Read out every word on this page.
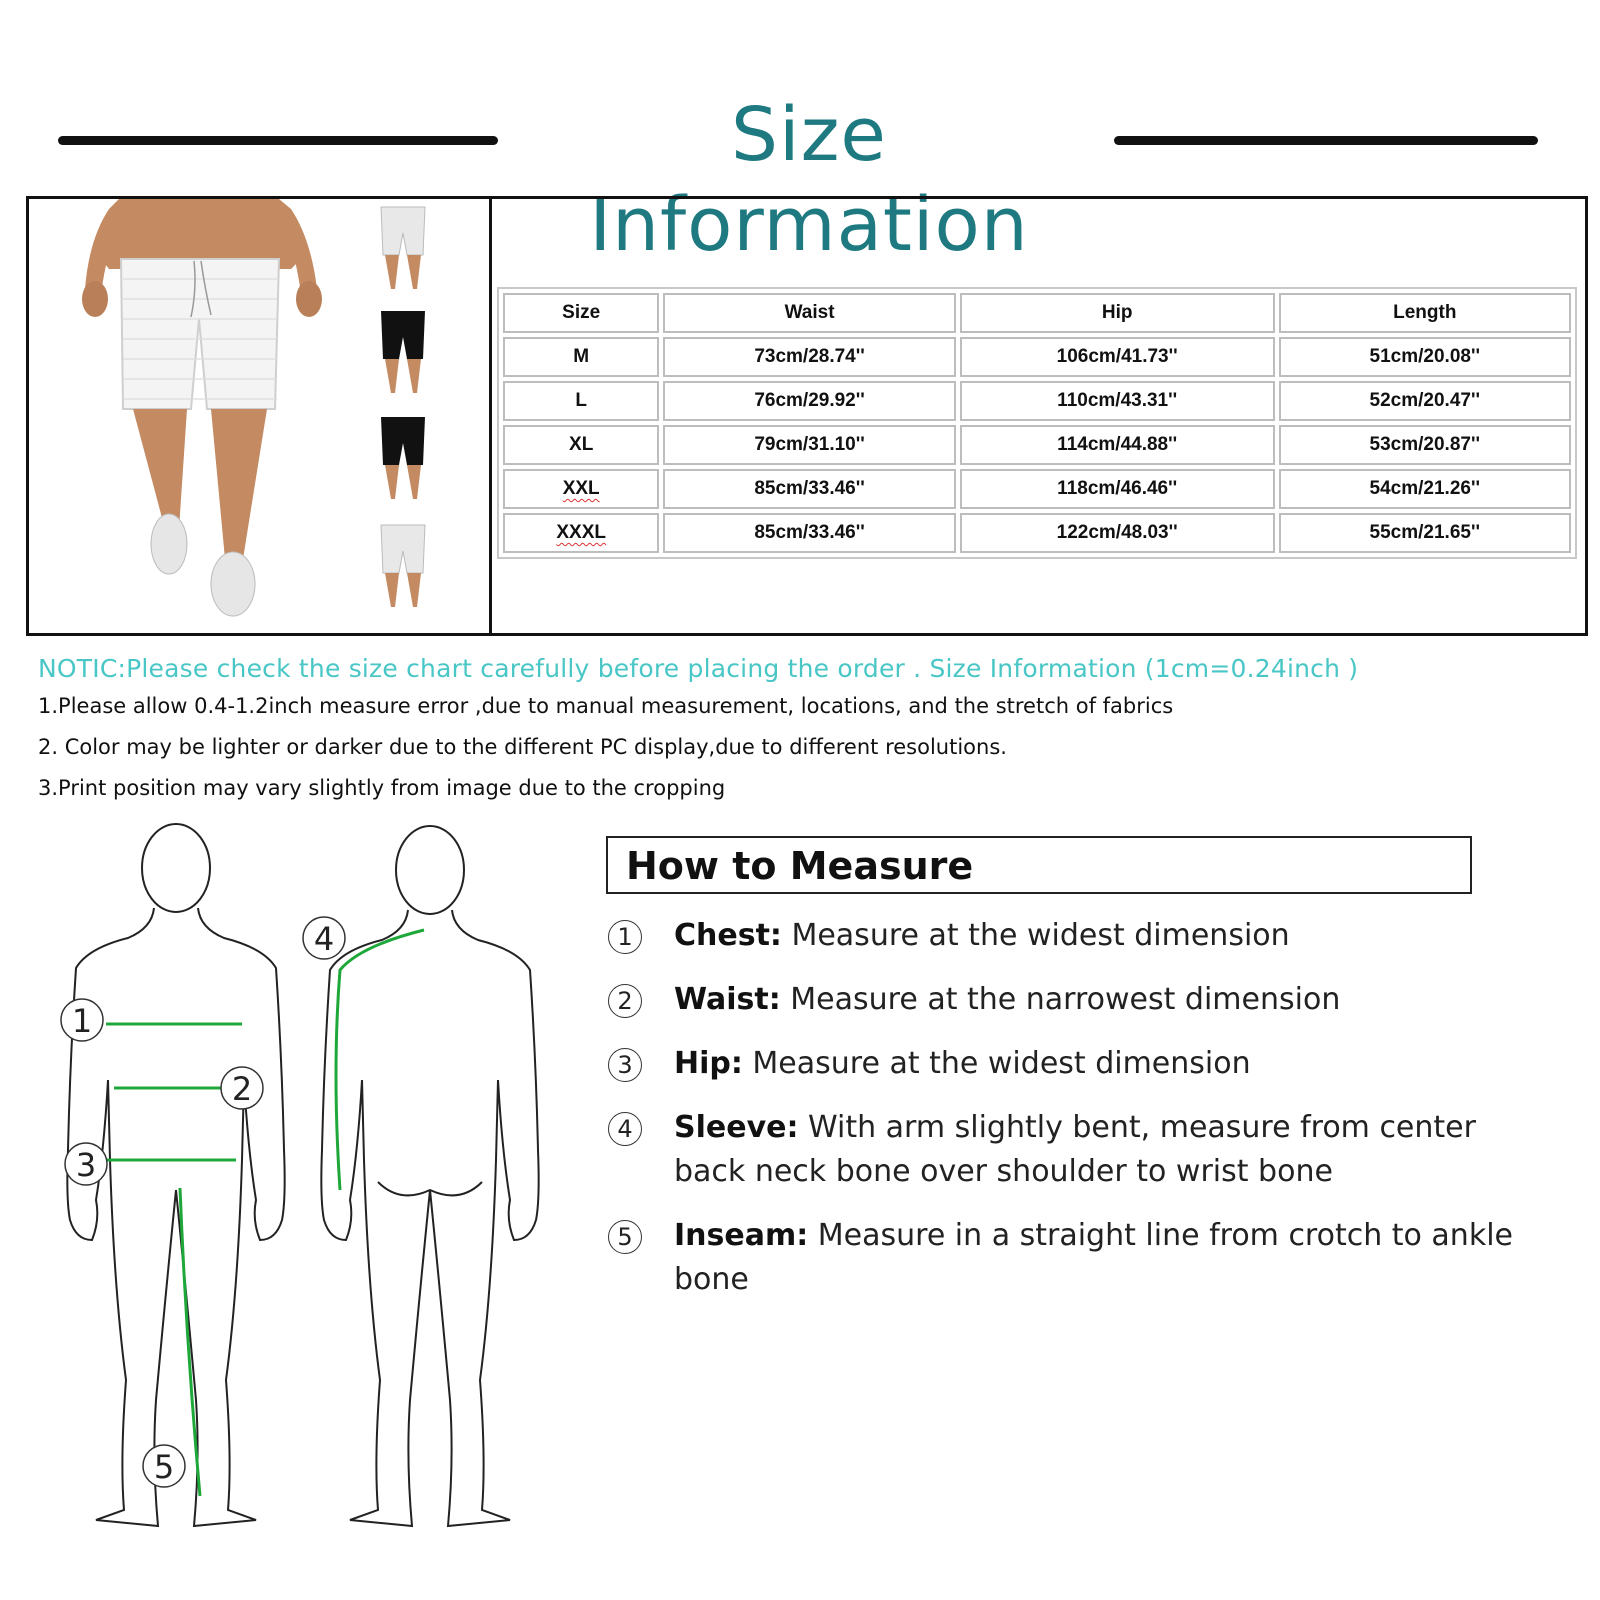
Size Information
Size	Waist	Hip	Length
M	73cm/28.74''	106cm/41.73''	51cm/20.08''
L	76cm/29.92''	110cm/43.31''	52cm/20.47''
XL	79cm/31.10''	114cm/44.88''	53cm/20.87''
XXL	85cm/33.46''	118cm/46.46''	54cm/21.26''
XXXL	85cm/33.46''	122cm/48.03''	55cm/21.65''
NOTIC:Please check the size chart carefully before placing the order . Size Information (1cm=0.24inch )
1.Please allow 0.4-1.2inch measure error ,due to manual measurement, locations, and the stretch of fabrics
2. Color may be lighter or darker due to the different PC display,due to different resolutions.
3.Print position may vary slightly from image due to the cropping
1
2
3
4
5
How to Measure
1	Chest: Measure at the widest dimension
2	Waist: Measure at the narrowest dimension
3	Hip: Measure at the widest dimension
4	Sleeve: With arm slightly bent, measure from center back neck bone over shoulder to wrist bone
5	Inseam: Measure in a straight line from crotch to ankle bone
